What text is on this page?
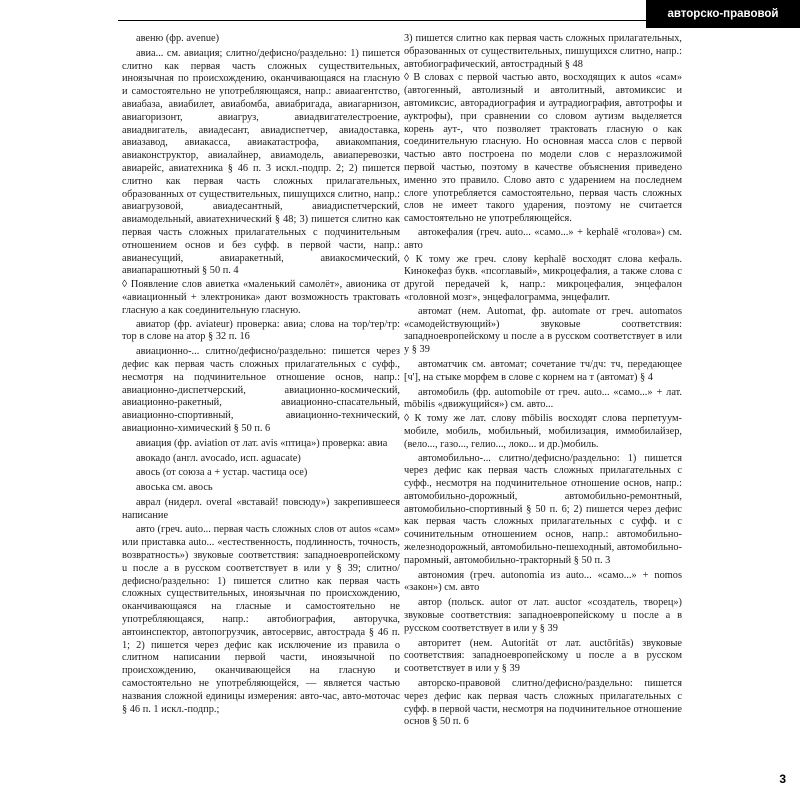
авторско-правовой

авеню (фр. avenue)

авиа... см. авиация; слитно/дефисно/раздельно: 1) пишется слитно как первая часть сложных существительных, иноязычная по происхождению, оканчивающаяся на гласную и самостоятельно не употребляющаяся, напр.: авиаагентство, авиабаза, авиабилет, авиабомба, авиабригада, авиагарнизон, авиагоризонт, авиагруз, авиадвигателестроение, авиадвигатель, авиадесант, авиадиспетчер, авиадоставка, авиазавод, авиакасса, авиакатастрофа, авиакомпания, авиаконструктор, авиалайнер, авиамодель, авиаперевозки, авиарейс, авиатехника § 46 п. 3 искл.-подпр. 2; 2) пишется слитно как первая часть сложных прилагательных, образованных от существительных, пишущихся слитно, напр.: авиагрузовой, авиадесантный, авиадиспетчерский, авиамодельный, авиатехнический § 48; 3) пишется слитно как первая часть сложных прилагательных с подчинительным отношением основ и без суфф. в первой части, напр.: авианесущий, авиаракетный, авиакосмический, авиапарашютный § 50 п. 4

◊ Появление слов авиетка «маленький самолёт», авионика от «авиационный + электроника» дают возможность трактовать гласную а как соединительную гласную.

авиатор (фр. aviateur) проверка: авиа; слова на тор/тер/тр: тор в слове на атор § 32 п. 16

авиационно-... слитно/дефисно/раздельно: пишется через дефис как первая часть сложных прилагательных с суфф., несмотря на подчинительное отношение основ, напр.: авиационно-диспетчерский, авиационно-космический, авиационно-ракетный, авиационно-спасательный, авиационно-спортивный, авиационно-технический, авиационно-химический § 50 п. 6

авиация (фр. aviation от лат. avis «птица») проверка: авиа

авокадо (англ. avocado, исп. aguacate)

авось (от союза а + устар. частица осе)

авоська см. авось

аврал (нидерл. overal «вставай! повсюду») закрепившееся написание

авто (греч. auto... первая часть сложных слов от autos «сам» или приставка auto... «естественность, подлинность, точность, возвратность») звуковые соответствия: западноевропейскому u после a в русском соответствует в или у § 39; слитно/дефисно/раздельно: 1) пишется слитно как первая часть сложных существительных, иноязычная по происхождению, оканчивающаяся на гласные и самостоятельно не употребляющаяся, напр.: автобиография, авторучка, автоинспектор, автопогрузчик, автосервис, автострада § 46 п. 1; 2) пишется через дефис как исключение из правила о слитном написании первой части, иноязычной по происхождению, оканчивающейся на гласную и самостоятельно не употребляющейся, — является частью названия сложной единицы измерения: авто-час, авто-моточас § 46 п. 1 искл.-подпр.;

3) пишется слитно как первая часть сложных прилагательных, образованных от существительных, пишущихся слитно, напр.: автобиографический, автострадный § 48

◊ В словах с первой частью авто, восходящих к autos «сам» (автогенный, автолизный и автолитный, автомиксис и автомиксис, авторадиография и аутрадиография, автотрофы и ауктрофы), при сравнении со словом аутизм выделяется корень аут-, что позволяет трактовать гласную о как соединительную гласную. Но основная масса слов с первой частью авто построена по модели слов с неразложимой первой частью, поэтому в качестве объяснения приведено именно это правило. Слово авто с ударением на последнем слоге употребляется самостоятельно, первая часть сложных слов не имеет такого ударения, поэтому не считается самостоятельно не употребляющейся.

автокефалия (греч. auto... «само...» + kephalē «голова») см. авто

◊ К тому же греч. слову kephalē восходят слова кефаль. Кинокефаз букв. «псоглавый», микроцефалия, а также слова с другой передачей k, напр.: микроцефалия, энцефалон «головной мозг», энцефалограмма, энцефалит.

автомат (нем. Automat, фр. automate от греч. automatos «самодействующий») звуковые соответствия: западноевропейскому u после a в русском соответствует в или у § 39

автоматчик см. автомат; сочетание тч/дч: тч, передающее [ч'], на стыке морфем в слове с корнем на т (автомат) § 4

автомобиль (фр. automobile от греч. auto... «само...» + лат. mōbilis «движущийся») см. авто...

◊ К тому же лат. слову mōbilis восходят слова перпетуум-мобиле, мобиль, мобильный, мобилизация, иммобилайзер, (вело..., газо..., гелио..., локо... и др.)мобиль.

автомобильно-... слитно/дефисно/раздельно: 1) пишется через дефис как первая часть сложных прилагательных с суфф., несмотря на подчинительное отношение основ, напр.: автомобильно-дорожный, автомобильно-ремонтный, автомобильно-спортивный § 50 п. 6; 2) пишется через дефис как первая часть сложных прилагательных с суфф. и с сочинительным отношением основ, напр.: автомобильно-железнодорожный, автомобильно-пешеходный, автомобильно-паромный, автомобильно-тракторный § 50 п. 3

автономия (греч. autonomia из auto... «само...» + nomos «закон») см. авто

автор (польск. autor от лат. auctor «создатель, творец») звуковые соответствия: западноевропейскому u после a в русском соответствует в или у § 39

авторитет (нем. Autorität от лат. auctōritās) звуковые соответствия: западноевропейскому u после a в русском соответствует в или у § 39

авторско-правовой слитно/дефисно/раздельно: пишется через дефис как первая часть сложных прилагательных с суфф. в первой части, несмотря на подчинительное отношение основ § 50 п. 6

3
